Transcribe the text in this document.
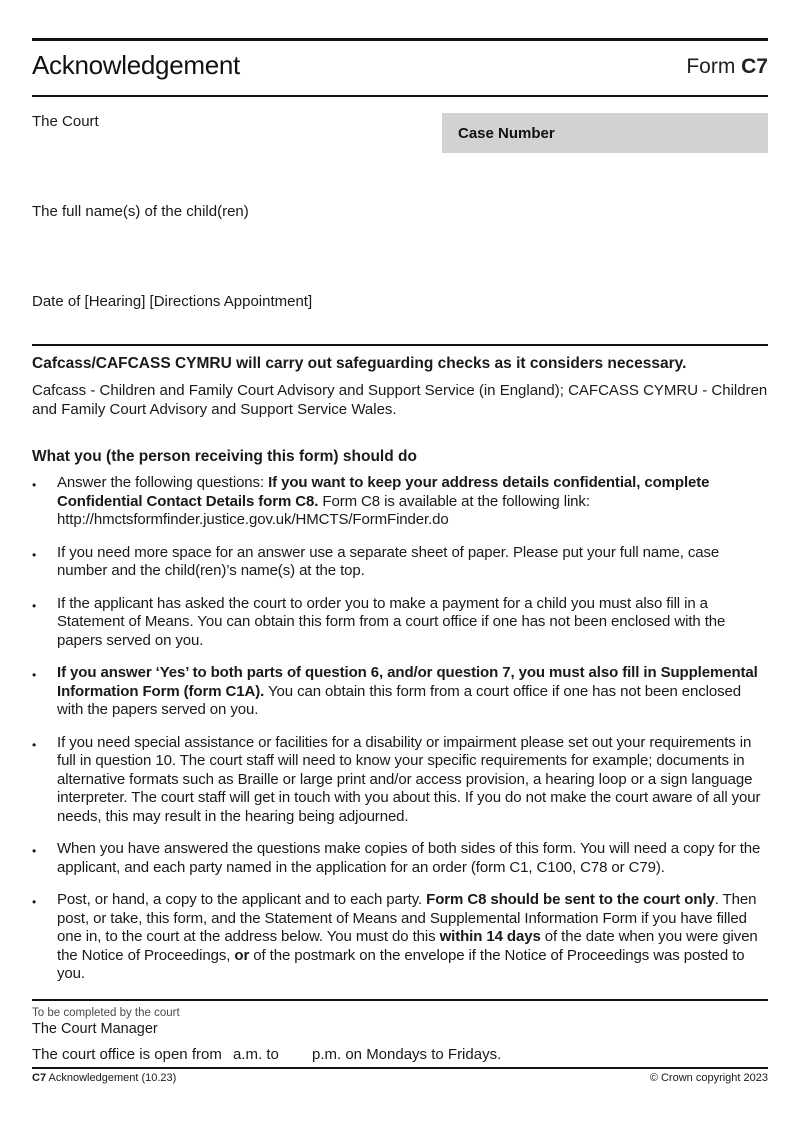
Acknowledgement	Form C7
The Court
Case Number
The full name(s) of the child(ren)
Date of [Hearing] [Directions Appointment]
Cafcass/CAFCASS CYMRU will carry out safeguarding checks as it considers necessary.
Cafcass - Children and Family Court Advisory and Support Service (in England); CAFCASS CYMRU - Children and Family Court Advisory and Support Service Wales.
What you (the person receiving this form) should do
• Answer the following questions: If you want to keep your address details confidential, complete Confidential Contact Details form C8. Form C8 is available at the following link: http://hmctsformfinder.justice.gov.uk/HMCTS/FormFinder.do
• If you need more space for an answer use a separate sheet of paper. Please put your full name, case number and the child(ren)’s name(s) at the top.
• If the applicant has asked the court to order you to make a payment for a child you must also fill in a Statement of Means. You can obtain this form from a court office if one has not been enclosed with the papers served on you.
• If you answer ‘Yes’ to both parts of question 6, and/or question 7, you must also fill in Supplemental Information Form (form C1A). You can obtain this form from a court office if one has not been enclosed with the papers served on you.
• If you need special assistance or facilities for a disability or impairment please set out your requirements in full in question 10. The court staff will need to know your specific requirements for example; documents in alternative formats such as Braille or large print and/or access provision, a hearing loop or a sign language interpreter. The court staff will get in touch with you about this. If you do not make the court aware of all your needs, this may result in the hearing being adjourned.
• When you have answered the questions make copies of both sides of this form. You will need a copy for the applicant, and each party named in the application for an order (form C1, C100, C78 or C79).
• Post, or hand, a copy to the applicant and to each party. Form C8 should be sent to the court only. Then post, or take, this form, and the Statement of Means and Supplemental Information Form if you have filled one in, to the court at the address below. You must do this within 14 days of the date when you were given the Notice of Proceedings, or of the postmark on the envelope if the Notice of Proceedings was posted to you.
To be completed by the court
The Court Manager
The court office is open from a.m. to p.m. on Mondays to Fridays.
C7 Acknowledgement (10.23)	© Crown copyright 2023
